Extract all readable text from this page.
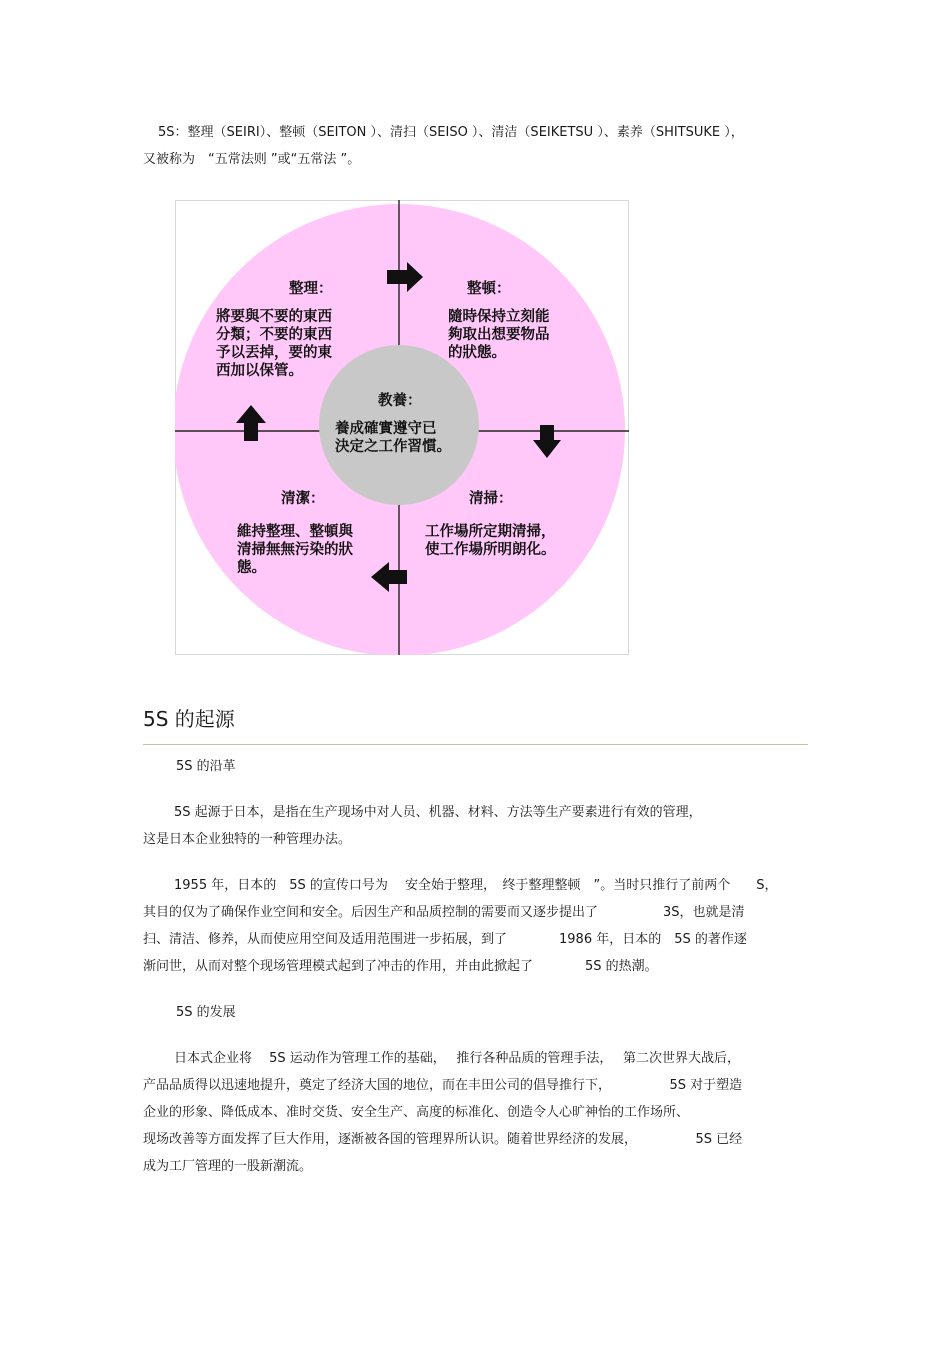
5S：整理（SEIRI）、整顿（SEITON ）、清扫（SEISO ）、清洁（SEIKETSU ）、素养（SHITSUKE ），
又被称为　“五常法则 ”或“五常法 ”。
整理：
將要與不要的東西
分類；不要的東西
予以丟掉，要的東
西加以保管。
整頓：
隨時保持立刻能
夠取出想要物品
的狀態。
教養：
養成確實遵守已
決定之工作習慣。
清潔：
維持整理、整頓與
清掃無無污染的狀
態。
清掃：
工作場所定期清掃，
使工作場所明朗化。
5S 的起源
5S 的沿革
5S 起源于日本，是指在生产现场中对人员、机器、材料、方法等生产要素进行有效的管理，
这是日本企业独特的一种管理办法。
1955 年，日本的　5S 的宣传口号为　 安全始于整理，　终于整理整顿　”。当时只推行了前两个　　S，
其目的仅为了确保作业空间和安全。后因生产和品质控制的需要而又逐步提出了　　　　　3S，也就是清
扫、清洁、修养，从而使应用空间及适用范围进一步拓展，到了　　　　1986 年，日本的　5S 的著作逐
渐问世，从而对整个现场管理模式起到了冲击的作用，并由此掀起了　　　　5S 的热潮。
5S 的发展
日本式企业将　 5S 运动作为管理工作的基础，　 推行各种品质的管理手法，　 第二次世界大战后，
产品品质得以迅速地提升，奠定了经济大国的地位，而在丰田公司的倡导推行下，　　　　　5S 对于塑造
企业的形象、降低成本、准时交货、安全生产、高度的标准化、创造令人心旷神怡的工作场所、
现场改善等方面发挥了巨大作用，逐渐被各国的管理界所认识。随着世界经济的发展，　　　　　5S 已经
成为工厂管理的一股新潮流。
